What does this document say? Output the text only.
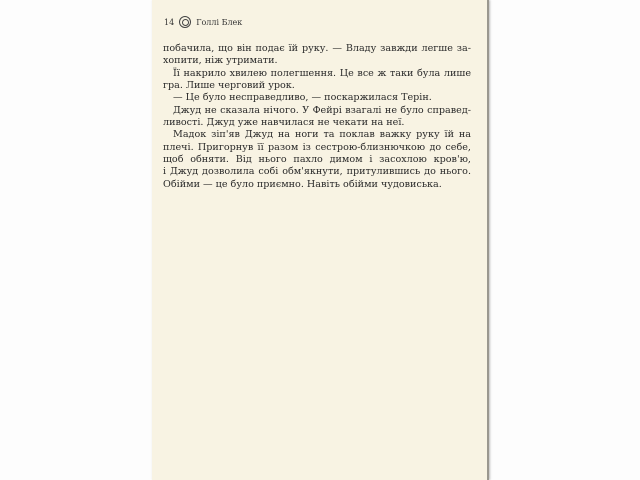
14	Голлі Блек
побачила, що він подає їй руку. — Владу завжди легше за-
хопити, ніж утримати.
Її накрило хвилею полегшення. Це все ж таки була лише
гра. Лише черговий урок.
— Це було несправедливо, — поскаржилася Терін.
Джуд не сказала нічого. У Фейрі взагалі не було справед-
ливості. Джуд уже навчилася не чекати на неї.
Мадок зіп'яв Джуд на ноги та поклав важку руку їй на
плечі. Пригорнув її разом із сестрою-близнючкою до себе,
щоб обняти. Від нього пахло димом і засохлою кров'ю,
і Джуд дозволила собі обм'якнути, притулившись до нього.
Обійми — це було приємно. Навіть обійми чудовиська.
